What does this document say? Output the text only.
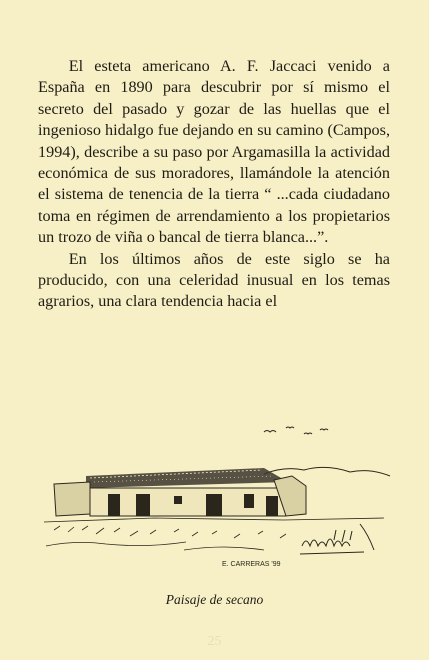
El esteta americano A. F. Jaccaci venido a España en 1890 para descubrir por sí mismo el secreto del pasado y gozar de las huellas que el ingenioso hidalgo fue dejando en su camino (Campos, 1994), describe a su paso por Argamasilla la actividad económica de sus moradores, llamándole la atención el sistema de tenencia de la tierra “ ...cada ciudadano toma en régimen de arrendamiento a los propietarios un trozo de viña o bancal de tierra blanca...”.

En los últimos años de este siglo se ha producido, con una celeridad inusual en los temas agrarios, una clara tendencia hacia el

E. CARRERAS '99
Paisaje de secano
25
